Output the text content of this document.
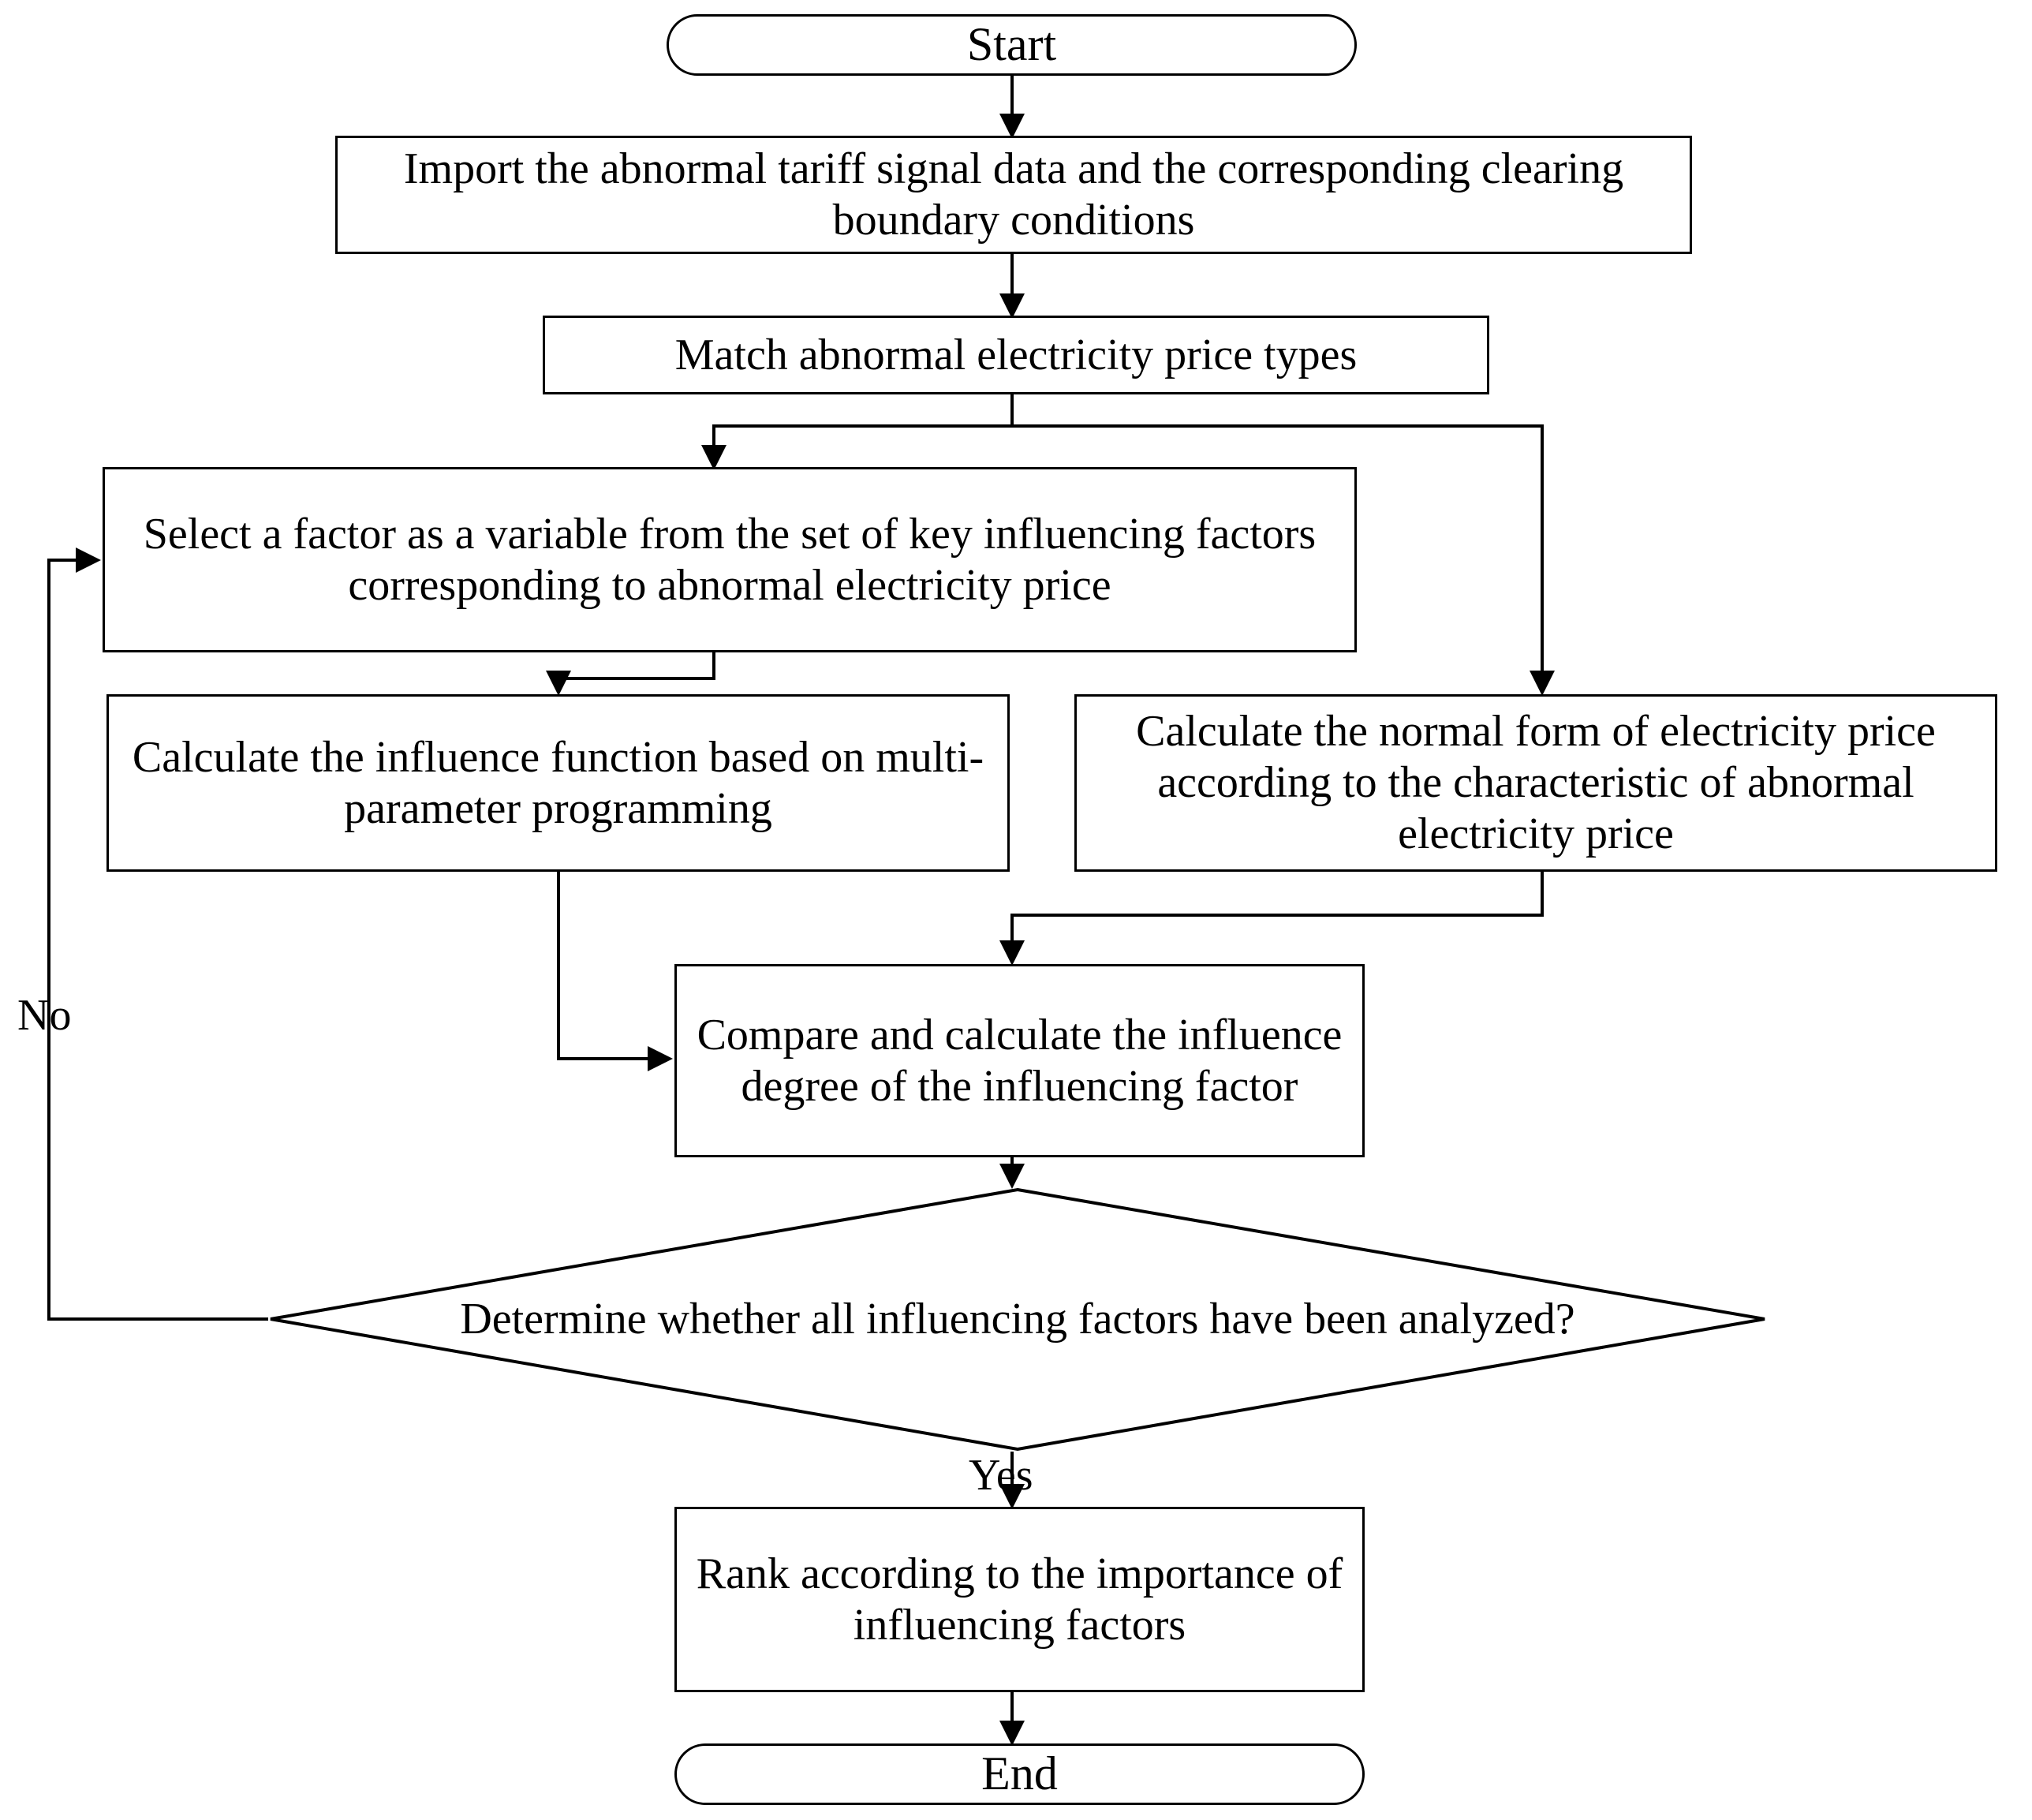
Start
Import the abnormal tariff signal data and the corresponding clearing boundary conditions
Match abnormal electricity price types
Select a factor as a variable from the set of key influencing factors corresponding to abnormal electricity price
Calculate the influence function based on multi-parameter programming
Calculate the normal form of electricity price according to the characteristic of abnormal electricity price
Compare and calculate the influence degree of the influencing factor
Determine whether all influencing factors have been analyzed?
Rank according to the importance of influencing factors
End
No
Yes
